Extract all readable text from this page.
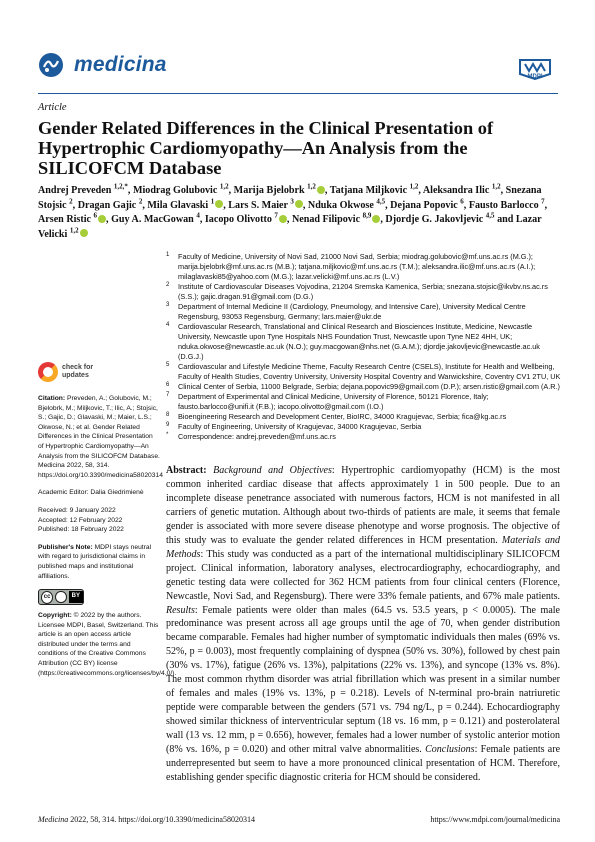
medicina
MDPI
Article
Gender Related Differences in the Clinical Presentation of Hypertrophic Cardiomyopathy—An Analysis from the SILICOFCM Database
Andrej Preveden $^{1,2,*}$, Miodrag Golubovic $^{1,2}$, Marija Bjelobrk $^{1,2}$ , Tatjana Miljkovic $^{1,2}$, Aleksandra Ilic $^{1,2}$, Snezana Stojsic $^2$, Dragan Gajic $^2$, Mila Glavaski $^1$ , Lars S. Maier $^3$ , Nduka Okwose $^{4,5}$, Dejana Popovic $^6$, Fausto Barlocco $^7$, Arsen Ristic $^6$ , Guy A. MacGowan $^4$, Iacopo Olivotto $^7$ , Nenad Filipovic $^{8,9}$ , Djordje G. Jakovljevic $^{4,5}$ and Lazar Velicki $^{1,2}$
1 Faculty of Medicine, University of Novi Sad, 21000 Novi Sad, Serbia; miodrag.golubovic@mf.uns.ac.rs (M.G.); marija.bjelobrk@mf.uns.ac.rs (M.B.); tatjana.miljkovic@mf.uns.ac.rs (T.M.); aleksandra.ilic@mf.uns.ac.rs (A.I.); milaglavaski85@yahoo.com (M.G.); lazar.velicki@mf.uns.ac.rs (L.V.)
2 Institute of Cardiovascular Diseases Vojvodina, 21204 Sremska Kamenica, Serbia; snezana.stojsic@ikvbv.ns.ac.rs (S.S.); gajic.dragan.91@gmail.com (D.G.)
3 Department of Internal Medicine II (Cardiology, Pneumology, and Intensive Care), University Medical Centre Regensburg, 93053 Regensburg, Germany; lars.maier@ukr.de
4 Cardiovascular Research, Translational and Clinical Research and Biosciences Institute, Medicine, Newcastle University, Newcastle upon Tyne Hospitals NHS Foundation Trust, Newcastle upon Tyne NE2 4HH, UK; nduka.okwose@newcastle.ac.uk (N.O.); guy.macgowan@nhs.net (G.A.M.); djordje.jakovljevic@newcastle.ac.uk (D.G.J.)
5 Cardiovascular and Lifestyle Medicine Theme, Faculty Research Centre (CSELS), Institute for Health and Wellbeing, Faculty of Health Studies, Coventry University, University Hospital Coventry and Warwickshire, Coventry CV1 2TU, UK
6 Clinical Center of Serbia, 11000 Belgrade, Serbia; dejana.popovic99@gmail.com (D.P.); arsen.ristic@gmail.com (A.R.)
7 Department of Experimental and Clinical Medicine, University of Florence, 50121 Florence, Italy; fausto.barlocco@unifi.it (F.B.); iacopo.olivotto@gmail.com (I.O.)
8 Bioengineering Research and Development Center, BioIRC, 34000 Kragujevac, Serbia; fica@kg.ac.rs
9 Faculty of Engineering, University of Kragujevac, 34000 Kragujevac, Serbia
* Correspondence: andrej.preveden@mf.uns.ac.rs
check for
updates
Citation: Preveden, A.; Golubovic, M.; Bjelobrk, M.; Miljkovic, T.; Ilic, A.; Stojsic, S.; Gajic, D.; Glavaski, M.; Maier, L.S.; Okwose, N.; et al. Gender Related Differences in the Clinical Presentation of Hypertrophic Cardiomyopathy—An Analysis from the SILICOFCM Database. Medicina 2022, 58, 314. https://doi.org/10.3390/medicina58020314
Academic Editor: Dalia Giedrimienė
Received: 9 January 2022
Accepted: 12 February 2022
Published: 18 February 2022
Publisher's Note: MDPI stays neutral with regard to jurisdictional claims in published maps and institutional affiliations.
cc	BY
Copyright: © 2022 by the authors. Licensee MDPI, Basel, Switzerland. This article is an open access article distributed under the terms and conditions of the Creative Commons Attribution (CC BY) license (https://creativecommons.org/licenses/by/4.0/).

Abstract: Background and Objectives: Hypertrophic cardiomyopathy (HCM) is the most common inherited cardiac disease that affects approximately 1 in 500 people. Due to an incomplete disease penetrance associated with numerous factors, HCM is not manifested in all carriers of genetic mutation. Although about two-thirds of patients are male, it seems that female gender is associated with more severe disease phenotype and worse prognosis. The objective of this study was to evaluate the gender related differences in HCM presentation. Materials and Methods: This study was conducted as a part of the international multidisciplinary SILICOFCM project. Clinical information, laboratory analyses, electrocardiography, echocardiography, and genetic testing data were collected for 362 HCM patients from four clinical centers (Florence, Newcastle, Novi Sad, and Regensburg). There were 33% female patients, and 67% male patients. Results: Female patients were older than males (64.5 vs. 53.5 years, p < 0.0005). The male predominance was present across all age groups until the age of 70, when gender distribution became comparable. Females had higher number of symptomatic individuals then males (69% vs. 52%, p = 0.003), most frequently complaining of dyspnea (50% vs. 30%), followed by chest pain (30% vs. 17%), fatigue (26% vs. 13%), palpitations (22% vs. 13%), and syncope (13% vs. 8%). The most common rhythm disorder was atrial fibrillation which was present in a similar number of females and males (19% vs. 13%, p = 0.218). Levels of N-terminal pro-brain natriuretic peptide were comparable between the genders (571 vs. 794 ng/L, p = 0.244). Echocardiography showed similar thickness of interventricular septum (18 vs. 16 mm, p = 0.121) and posterolateral wall (13 vs. 12 mm, p = 0.656), however, females had a lower number of systolic anterior motion (8% vs. 16%, p = 0.020) and other mitral valve abnormalities. Conclusions: Female patients are underrepresented but seem to have a more pronounced clinical presentation of HCM. Therefore, establishing gender specific diagnostic criteria for HCM should be considered.

Medicina 2022, 58, 314. https://doi.org/10.3390/medicina58020314	https://www.mdpi.com/journal/medicina
